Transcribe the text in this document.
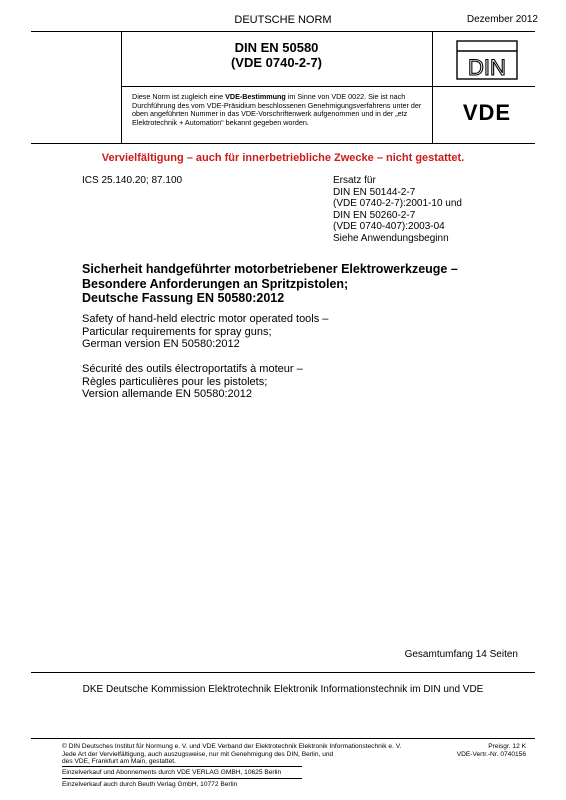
DEUTSCHE NORM	Dezember 2012
DIN EN 50580
(VDE 0740-2-7)
Diese Norm ist zugleich eine VDE-Bestimmung im Sinne von VDE 0022. Sie ist nach Durchführung des vom VDE-Präsidium beschlossenen Genehmigungsverfahrens unter der oben angeführten Nummer in das VDE-Vorschriftenwerk aufgenommen und in der „etz Elektrotechnik + Automation“ bekannt gegeben worden.
DIN
VDE
Vervielfältigung – auch für innerbetriebliche Zwecke – nicht gestattet.
ICS 25.140.20; 87.100	Ersatz für
DIN EN 50144-2-7
(VDE 0740-2-7):2001-10 und
DIN EN 50260-2-7
(VDE 0740-407):2003-04
Siehe Anwendungsbeginn
Sicherheit handgeführter motorbetriebener Elektrowerkzeuge –
Besondere Anforderungen an Spritzpistolen;
Deutsche Fassung EN 50580:2012
Safety of hand-held electric motor operated tools –
Particular requirements for spray guns;
German version EN 50580:2012
Sécurité des outils électroportatifs à moteur –
Règles particulières pour les pistolets;
Version allemande EN 50580:2012
Gesamtumfang 14 Seiten
DKE Deutsche Kommission Elektrotechnik Elektronik Informationstechnik im DIN und VDE
© DIN Deutsches Institut für Normung e. V. und VDE Verband der Elektrotechnik Elektronik Informationstechnik e. V.
Jede Art der Vervielfältigung, auch auszugsweise, nur mit Genehmigung des DIN, Berlin, und
des VDE, Frankfurt am Main, gestattet.
Preisgr. 12 K
VDE-Vertr.-Nr. 0740156
Einzelverkauf und Abonnements durch VDE VERLAG GMBH, 10625 Berlin
Einzelverkauf auch durch Beuth Verlag GmbH, 10772 Berlin
